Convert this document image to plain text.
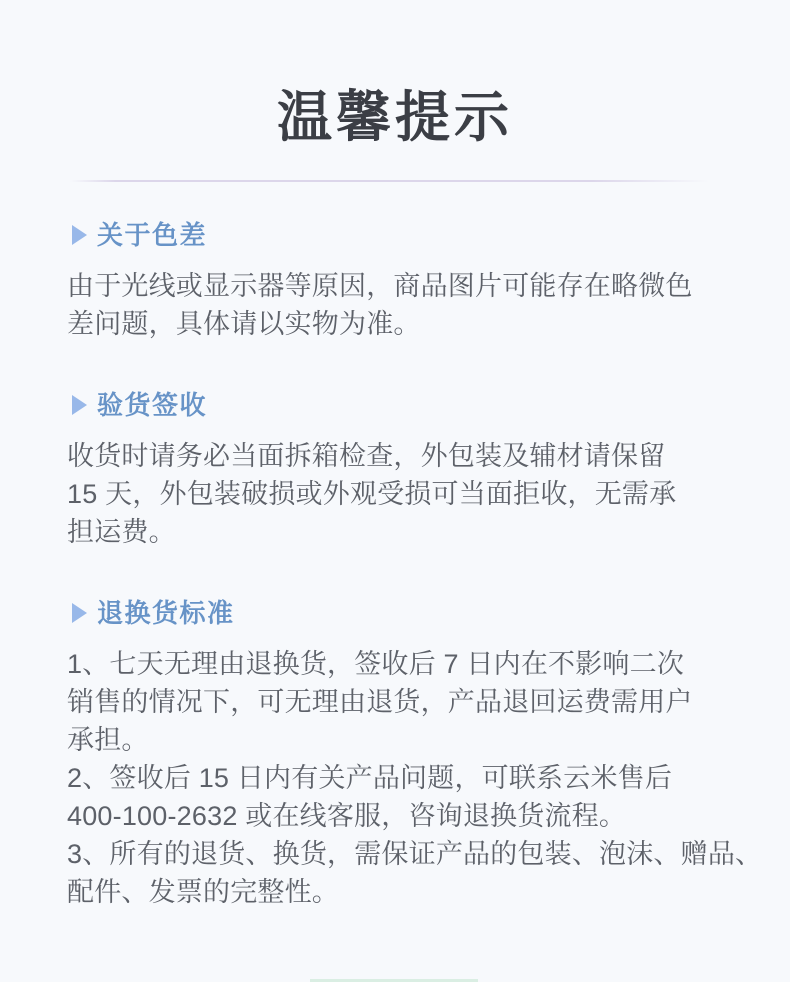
温馨提示
关于色差
由于光线或显示器等原因，商品图片可能存在略微色
差问题，具体请以实物为准。
验货签收
收货时请务必当面拆箱检查，外包装及辅材请保留
15 天，外包装破损或外观受损可当面拒收，无需承
担运费。
退换货标准
1、七天无理由退换货，签收后 7 日内在不影响二次
销售的情况下，可无理由退货，产品退回运费需用户
承担。
2、签收后 15 日内有关产品问题，可联系云米售后
400-100-2632 或在线客服，咨询退换货流程。
3、所有的退货、换货，需保证产品的包装、泡沫、赠品、
配件、发票的完整性。
